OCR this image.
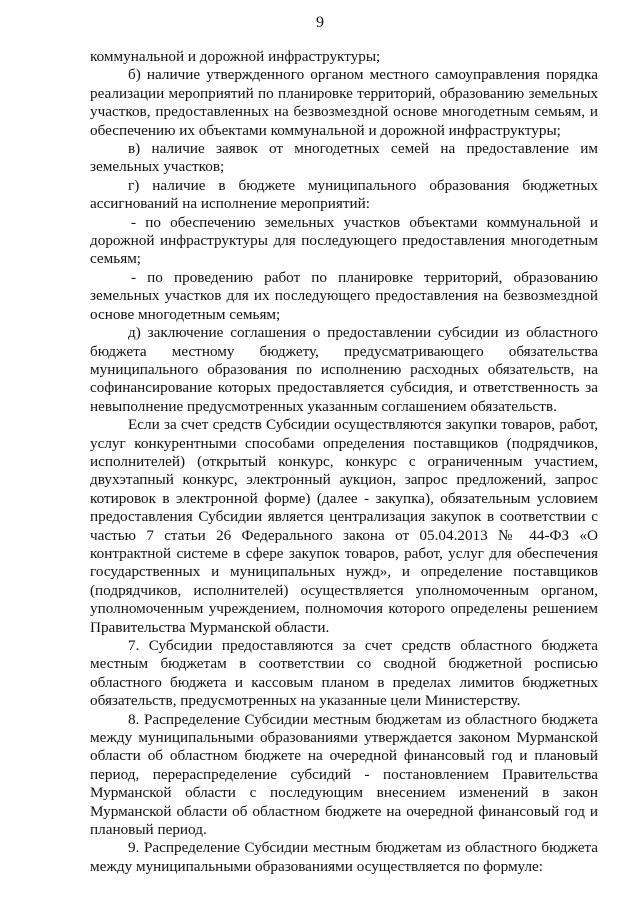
9

коммунальной и дорожной инфраструктуры;

б) наличие утвержденного органом местного самоуправления порядка реализации мероприятий по планировке территорий, образованию земельных участков, предоставленных на безвозмездной основе многодетным семьям, и обеспечению их объектами коммунальной и дорожной инфраструктуры;

в) наличие заявок от многодетных семей на предоставление им земельных участков;

г) наличие в бюджете муниципального образования бюджетных ассигнований на исполнение мероприятий:

- по обеспечению земельных участков объектами коммунальной и дорожной инфраструктуры для последующего предоставления многодетным семьям;

- по проведению работ по планировке территорий, образованию земельных участков для их последующего предоставления на безвозмездной основе многодетным семьям;

д) заключение соглашения о предоставлении субсидии из областного бюджета местному бюджету, предусматривающего обязательства муниципального образования по исполнению расходных обязательств, на софинансирование которых предоставляется субсидия, и ответственность за невыполнение предусмотренных указанным соглашением обязательств.

Если за счет средств Субсидии осуществляются закупки товаров, работ, услуг конкурентными способами определения поставщиков (подрядчиков, исполнителей) (открытый конкурс, конкурс с ограниченным участием, двухэтапный конкурс, электронный аукцион, запрос предложений, запрос котировок в электронной форме) (далее - закупка), обязательным условием предоставления Субсидии является централизация закупок в соответствии с частью 7 статьи 26 Федерального закона от 05.04.2013 № 44-ФЗ «О контрактной системе в сфере закупок товаров, работ, услуг для обеспечения государственных и муниципальных нужд», и определение поставщиков (подрядчиков, исполнителей) осуществляется уполномоченным органом, уполномоченным учреждением, полномочия которого определены решением Правительства Мурманской области.

7. Субсидии предоставляются за счет средств областного бюджета местным бюджетам в соответствии со сводной бюджетной росписью областного бюджета и кассовым планом в пределах лимитов бюджетных обязательств, предусмотренных на указанные цели Министерству.

8. Распределение Субсидии местным бюджетам из областного бюджета между муниципальными образованиями утверждается законом Мурманской области об областном бюджете на очередной финансовый год и плановый период, перераспределение субсидий - постановлением Правительства Мурманской области с последующим внесением изменений в закон Мурманской области об областном бюджете на очередной финансовый год и плановый период.

9. Распределение Субсидии местным бюджетам из областного бюджета между муниципальными образованиями осуществляется по формуле:
